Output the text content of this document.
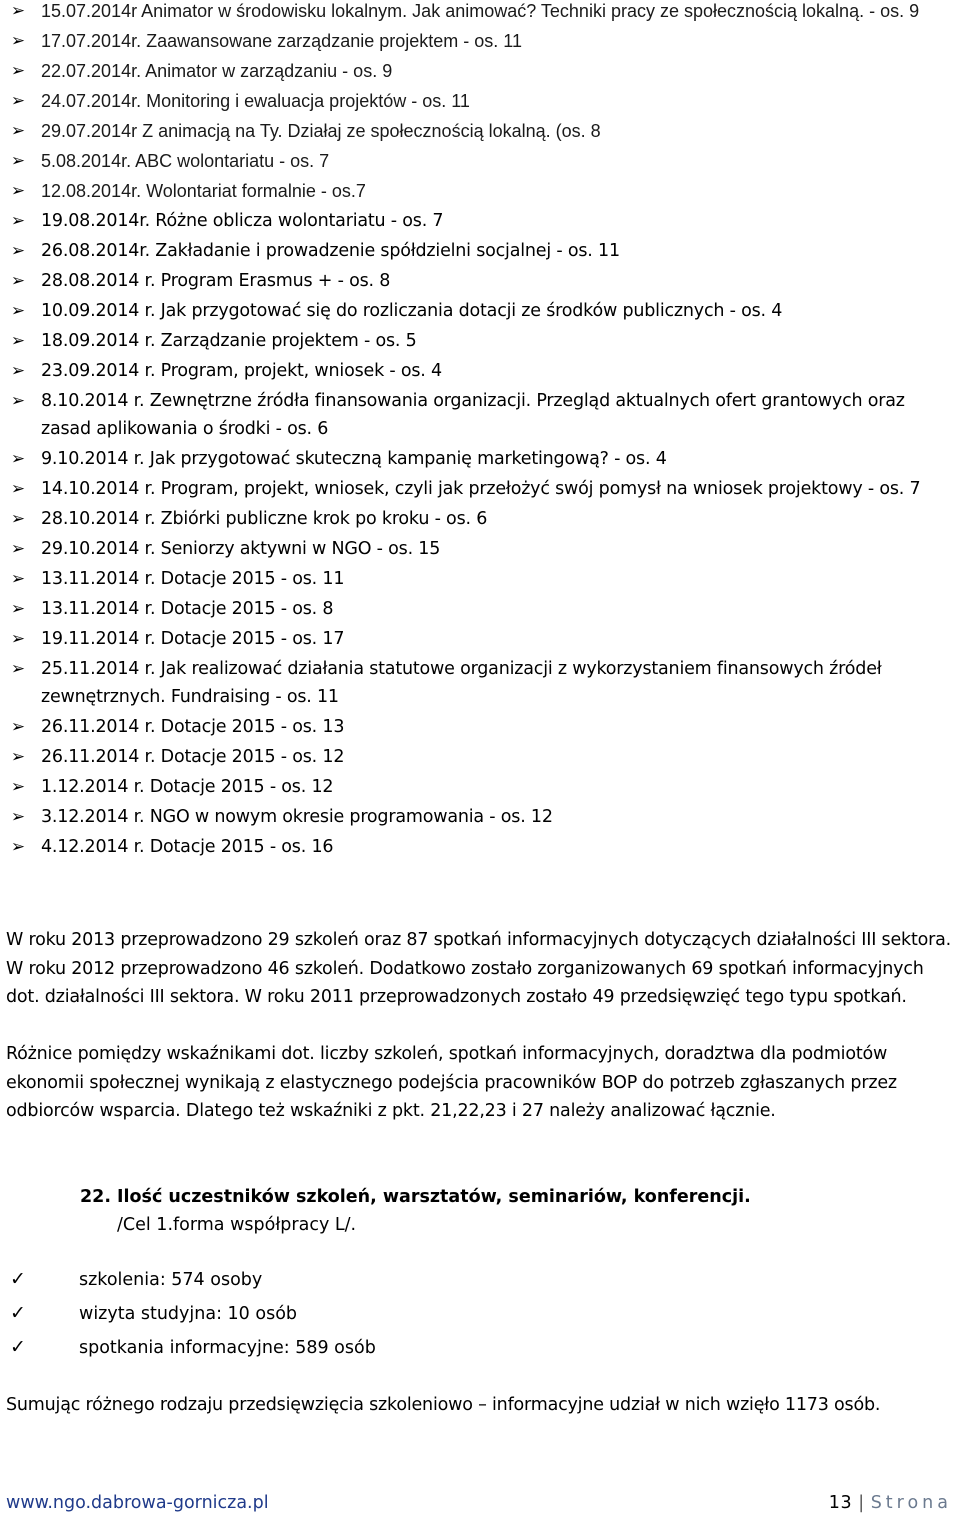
➢ 15.07.2014r Animator w środowisku lokalnym. Jak animować? Techniki pracy ze społecznością lokalną. - os. 9
➢ 17.07.2014r. Zaawansowane zarządzanie projektem - os. 11
➢ 22.07.2014r. Animator w zarządzaniu - os. 9
➢ 24.07.2014r. Monitoring i ewaluacja projektów - os. 11
➢ 29.07.2014r Z animacją na Ty. Działaj ze społecznością lokalną. (os. 8
➢ 5.08.2014r. ABC wolontariatu - os. 7
➢ 12.08.2014r. Wolontariat formalnie - os.7
➢ 19.08.2014r. Różne oblicza wolontariatu - os. 7
➢ 26.08.2014r. Zakładanie i prowadzenie spółdzielni socjalnej - os. 11
➢ 28.08.2014 r. Program Erasmus + - os. 8
➢ 10.09.2014 r. Jak przygotować się do rozliczania dotacji ze środków publicznych - os. 4
➢ 18.09.2014 r. Zarządzanie projektem - os. 5
➢ 23.09.2014 r. Program, projekt, wniosek - os. 4
➢ 8.10.2014 r. Zewnętrzne źródła finansowania organizacji. Przegląd aktualnych ofert grantowych oraz zasad aplikowania o środki - os. 6
➢ 9.10.2014 r. Jak przygotować skuteczną kampanię marketingową? - os. 4
➢ 14.10.2014 r. Program, projekt, wniosek, czyli jak przełożyć swój pomysł na wniosek projektowy - os. 7
➢ 28.10.2014 r. Zbiórki publiczne krok po kroku - os. 6
➢ 29.10.2014 r. Seniorzy aktywni w NGO - os. 15
➢ 13.11.2014 r. Dotacje 2015 - os. 11
➢ 13.11.2014 r. Dotacje 2015 - os. 8
➢ 19.11.2014 r. Dotacje 2015 - os. 17
➢ 25.11.2014 r. Jak realizować działania statutowe organizacji z wykorzystaniem finansowych źródeł zewnętrznych. Fundraising - os. 11
➢ 26.11.2014 r. Dotacje 2015 - os. 13
➢ 26.11.2014 r. Dotacje 2015 - os. 12
➢ 1.12.2014 r. Dotacje 2015 - os. 12
➢ 3.12.2014 r. NGO w nowym okresie programowania - os. 12
➢ 4.12.2014 r. Dotacje 2015 - os. 16

W roku 2013 przeprowadzono 29 szkoleń oraz 87 spotkań informacyjnych dotyczących działalności III sektora. W roku 2012 przeprowadzono 46 szkoleń. Dodatkowo zostało zorganizowanych 69 spotkań informacyjnych dot. działalności III sektora. W roku 2011 przeprowadzonych zostało 49 przedsięwzięć tego typu spotkań.

Różnice pomiędzy wskaźnikami dot. liczby szkoleń, spotkań informacyjnych, doradztwa dla podmiotów ekonomii społecznej wynikają z elastycznego podejścia pracowników BOP do potrzeb zgłaszanych przez odbiorców wsparcia. Dlatego też wskaźniki z pkt. 21,22,23 i 27 należy analizować łącznie.

22. Ilość uczestników szkoleń, warsztatów, seminariów, konferencji.
/Cel 1.forma współpracy L/.
✓	szkolenia: 574 osoby
✓	wizyta studyjna: 10 osób
✓	spotkania informacyjne: 589 osób

Sumując różnego rodzaju przedsięwzięcia szkoleniowo – informacyjne udział w nich wzięło 1173 osób.

www.ngo.dabrowa-gornicza.pl	13 | Strona
